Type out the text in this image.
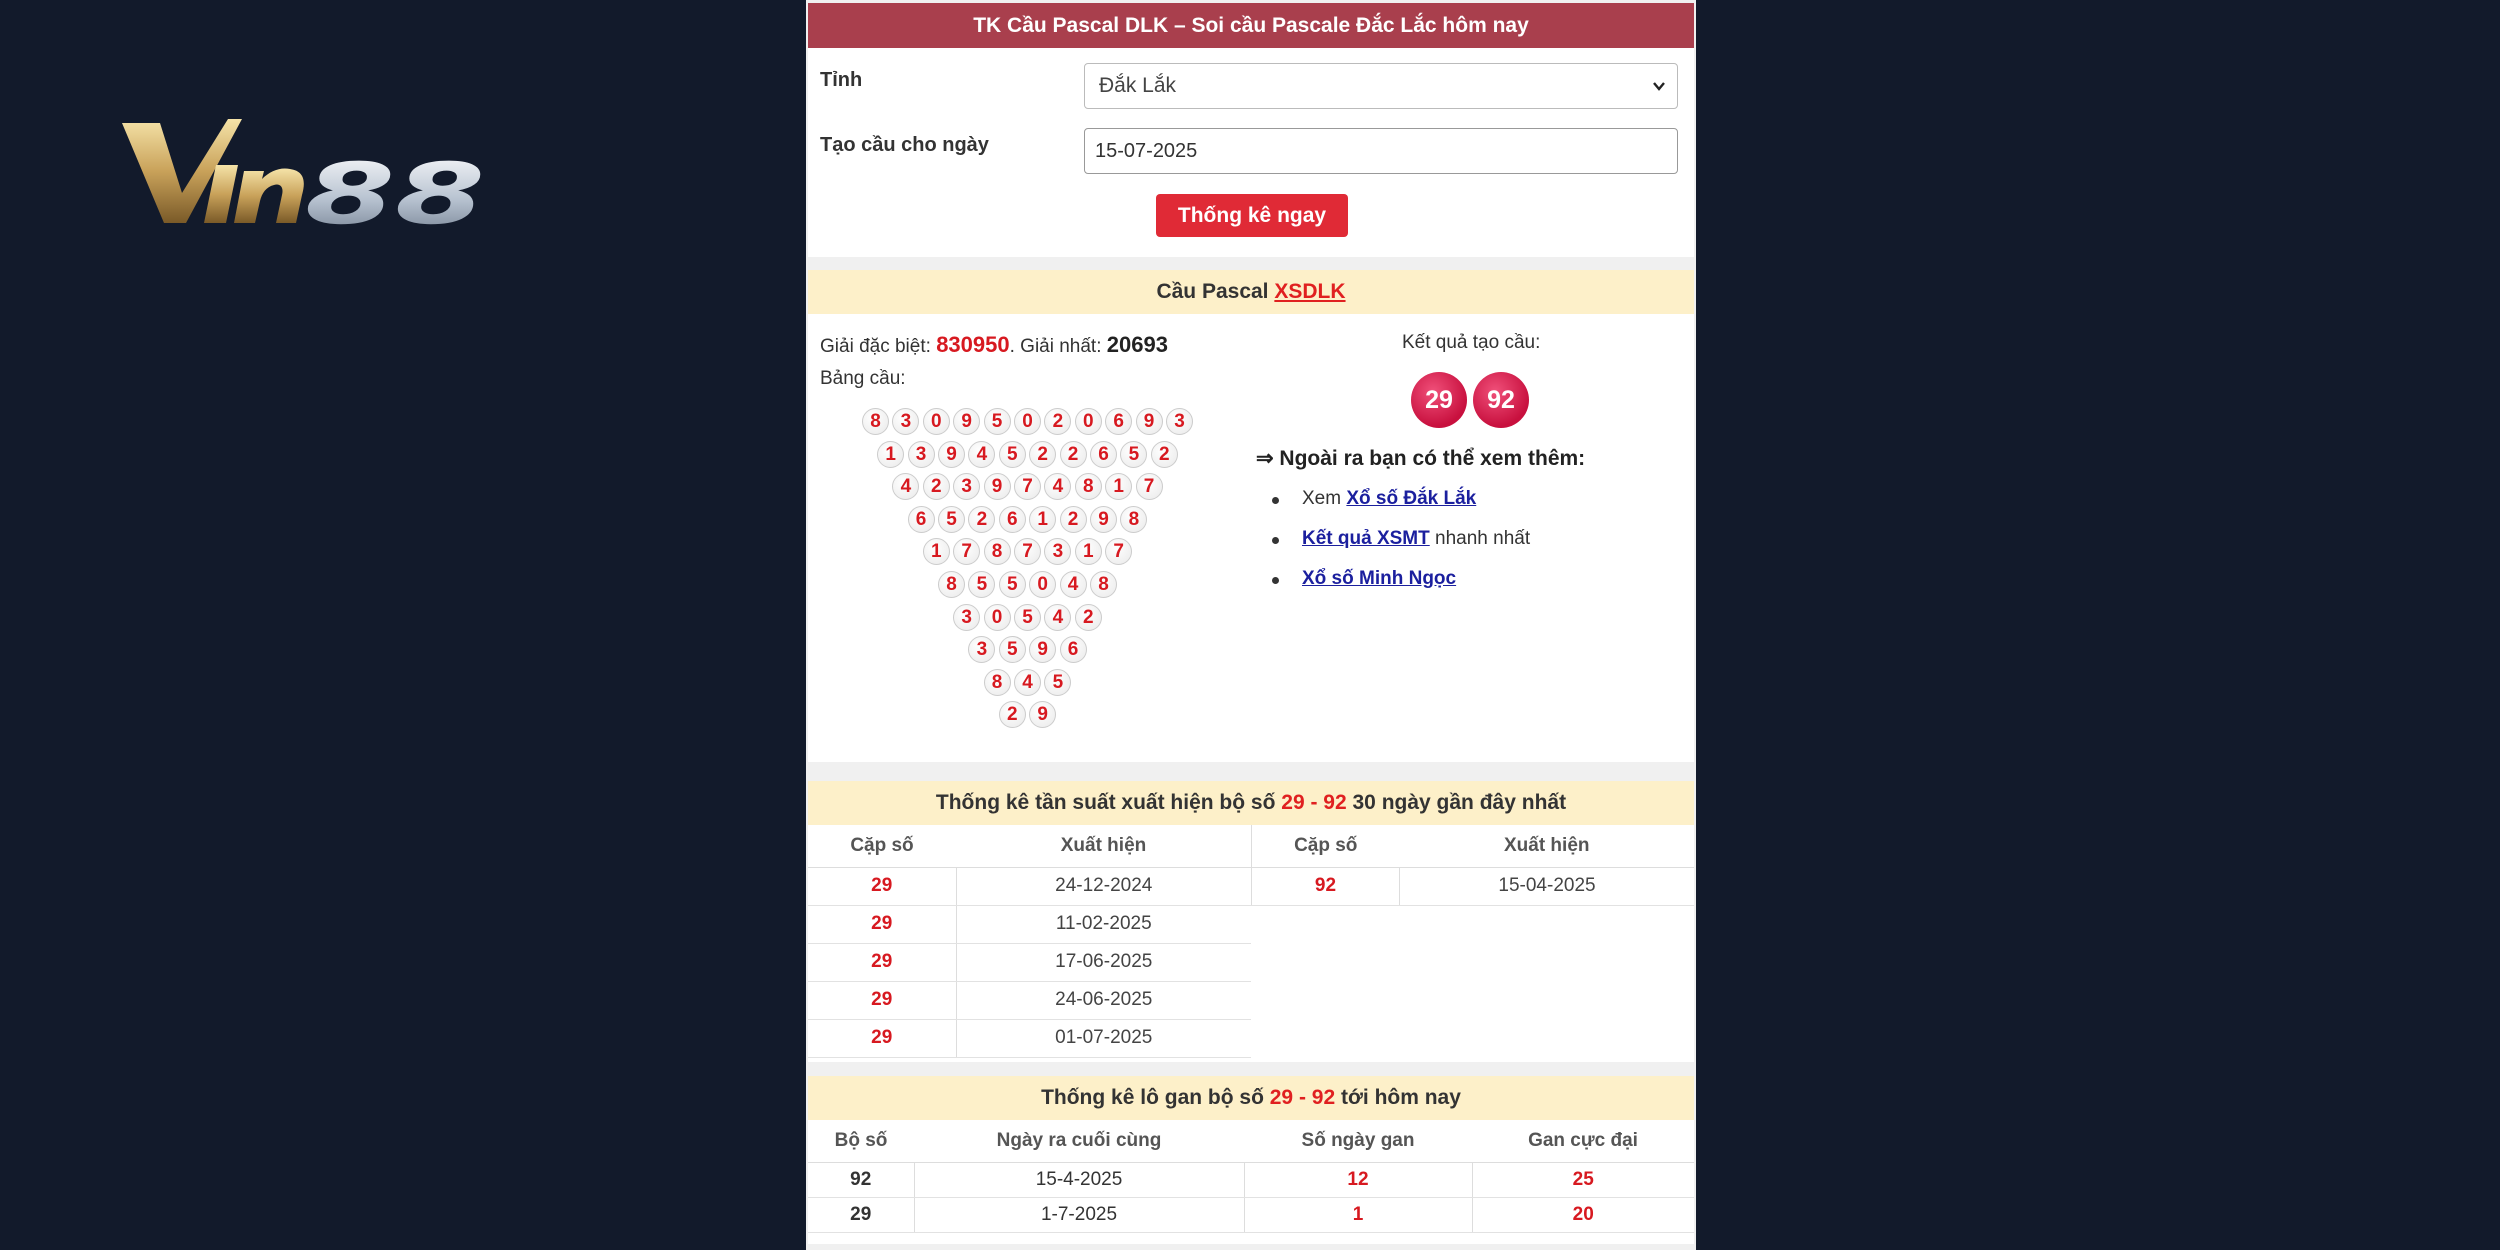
88
TK Cầu Pascal DLK – Soi cầu Pascale Đắc Lắc hôm nay
Tỉnh	Đắk Lắk
Tạo cầu cho ngày
15-07-2025
Thống kê ngay
Cầu Pascal XSDLK
Giải đặc biệt: 830950. Giải nhất: 20693
Bảng cầu:
8	3	0	9	5	0	2	0	6	9	3
1	3	9	4	5	2	2	6	5	2
4	2	3	9	7	4	8	1	7
6	5	2	6	1	2	9	8
1	7	8	7	3	1	7
8	5	5	0	4	8
3	0	5	4	2
3	5	9	6
8	4	5
2	9
Kết quả tạo cầu:
29	92
⇒ Ngoài ra bạn có thể xem thêm:
Xem Xổ số Đắk Lắk
Kết quả XSMT nhanh nhất
Xổ số Minh Ngọc
Thống kê tần suất xuất hiện bộ số 29 - 92 30 ngày gần đây nhất
Cặp số	Xuất hiện
29	24-12-2024
29	11-02-2025
29	17-06-2025
29	24-06-2025
29	01-07-2025
Cặp số	Xuất hiện
92	15-04-2025
Thống kê lô gan bộ số 29 - 92 tới hôm nay
Bộ số	Ngày ra cuối cùng	Số ngày gan	Gan cực đại
92	15-4-2025	12	25
29	1-7-2025	1	20
